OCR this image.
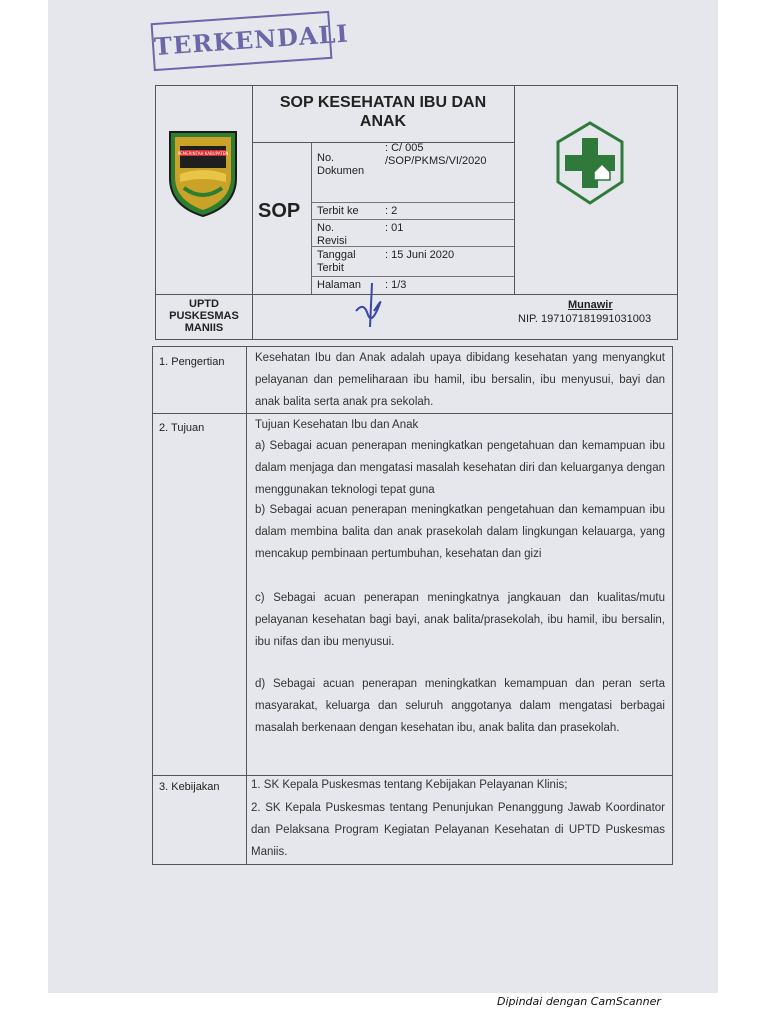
TERKENDALI
PEMERINTAH KABUPATEN
SOP KESEHATAN IBU DAN ANAK
SOP
No. Dokumen
: C/ 005 /SOP/PKMS/VI/2020
Terbit ke : 2
No. Revisi
: 01
Tanggal Terbit
: 15 Juni 2020
Halaman : 1/3
UPTD PUSKESMAS MANIIS
Munawir
NIP. 197107181991031003
1. Pengertian	Kesehatan Ibu dan Anak adalah upaya dibidang kesehatan yang menyangkut pelayanan dan pemeliharaan ibu hamil, ibu bersalin, ibu menyusui, bayi dan anak balita serta anak pra sekolah.
2. Tujuan	Tujuan Kesehatan Ibu dan Anak
a) Sebagai acuan penerapan meningkatkan pengetahuan dan kemampuan ibu dalam menjaga dan mengatasi masalah kesehatan diri dan keluarganya dengan menggunakan teknologi tepat guna
b) Sebagai acuan penerapan meningkatkan pengetahuan dan kemampuan ibu dalam membina balita dan anak prasekolah dalam lingkungan kelauarga, yang mencakup pembinaan pertumbuhan, kesehatan dan gizi
c) Sebagai acuan penerapan meningkatnya jangkauan dan kualitas/mutu pelayanan kesehatan bagi bayi, anak balita/prasekolah, ibu hamil, ibu bersalin, ibu nifas dan ibu menyusui.
d) Sebagai acuan penerapan meningkatkan kemampuan dan peran serta masyarakat, keluarga dan seluruh anggotanya dalam mengatasi berbagai masalah berkenaan dengan kesehatan ibu, anak balita dan prasekolah.
3. Kebijakan	1. SK Kepala Puskesmas tentang Kebijakan Pelayanan Klinis;
2. SK Kepala Puskesmas tentang Penunjukan Penanggung Jawab Koordinator dan Pelaksana Program Kegiatan Pelayanan Kesehatan di UPTD Puskesmas Maniis.
Dipindai dengan CamScanner
